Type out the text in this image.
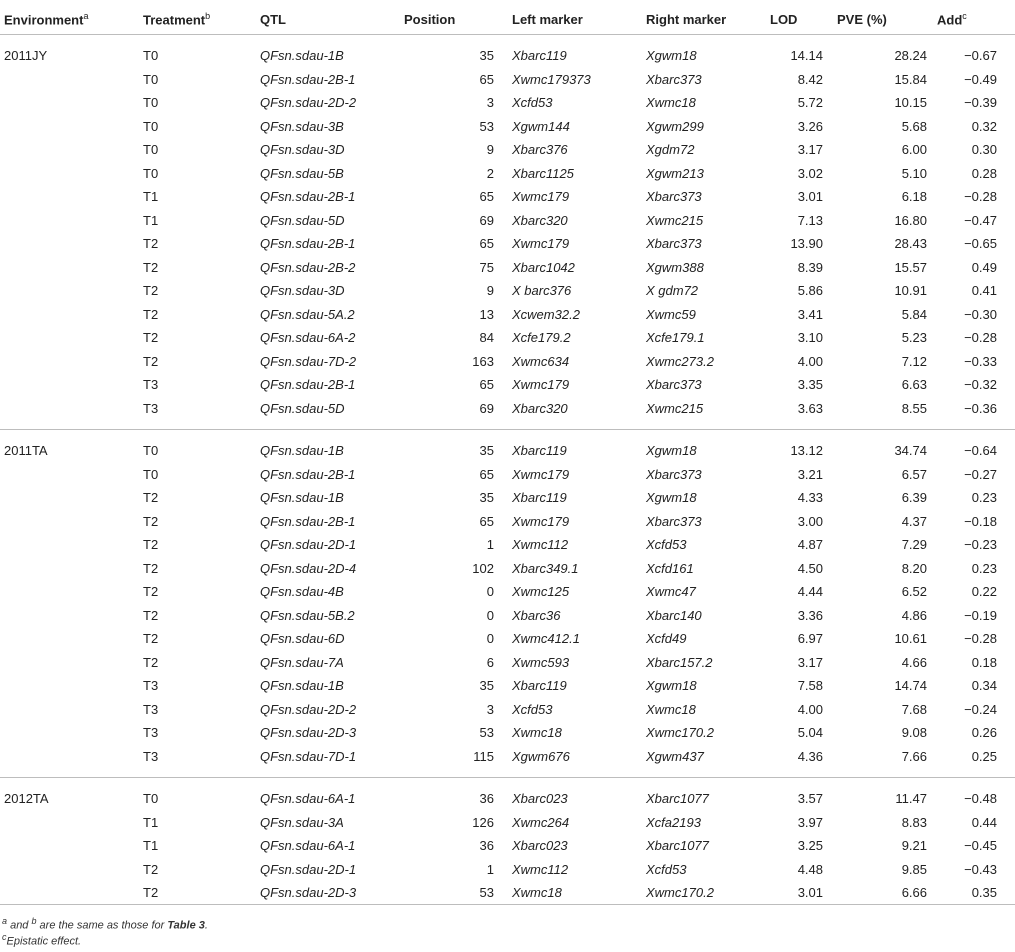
Environment$^a$	Treatment$^b$	QTL	Position	Left marker	Right marker	LOD	PVE (%)	Add$^c$

2011JY	T0	QFsn.sdau-1B	35	Xbarc119	Xgwm18	14.14	28.24	−0.67
	T0	QFsn.sdau-2B-1	65	Xwmc179373	Xbarc373	8.42	15.84	−0.49
	T0	QFsn.sdau-2D-2	3	Xcfd53	Xwmc18	5.72	10.15	−0.39
	T0	QFsn.sdau-3B	53	Xgwm144	Xgwm299	3.26	5.68	0.32
	T0	QFsn.sdau-3D	9	Xbarc376	Xgdm72	3.17	6.00	0.30
	T0	QFsn.sdau-5B	2	Xbarc1125	Xgwm213	3.02	5.10	0.28
	T1	QFsn.sdau-2B-1	65	Xwmc179	Xbarc373	3.01	6.18	−0.28
	T1	QFsn.sdau-5D	69	Xbarc320	Xwmc215	7.13	16.80	−0.47
	T2	QFsn.sdau-2B-1	65	Xwmc179	Xbarc373	13.90	28.43	−0.65
	T2	QFsn.sdau-2B-2	75	Xbarc1042	Xgwm388	8.39	15.57	0.49
	T2	QFsn.sdau-3D	9	X barc376	X gdm72	5.86	10.91	0.41
	T2	QFsn.sdau-5A.2	13	Xcwem32.2	Xwmc59	3.41	5.84	−0.30
	T2	QFsn.sdau-6A-2	84	Xcfe179.2	Xcfe179.1	3.10	5.23	−0.28
	T2	QFsn.sdau-7D-2	163	Xwmc634	Xwmc273.2	4.00	7.12	−0.33
	T3	QFsn.sdau-2B-1	65	Xwmc179	Xbarc373	3.35	6.63	−0.32
	T3	QFsn.sdau-5D	69	Xbarc320	Xwmc215	3.63	8.55	−0.36

2011TA	T0	QFsn.sdau-1B	35	Xbarc119	Xgwm18	13.12	34.74	−0.64
	T0	QFsn.sdau-2B-1	65	Xwmc179	Xbarc373	3.21	6.57	−0.27
	T2	QFsn.sdau-1B	35	Xbarc119	Xgwm18	4.33	6.39	0.23
	T2	QFsn.sdau-2B-1	65	Xwmc179	Xbarc373	3.00	4.37	−0.18
	T2	QFsn.sdau-2D-1	1	Xwmc112	Xcfd53	4.87	7.29	−0.23
	T2	QFsn.sdau-2D-4	102	Xbarc349.1	Xcfd161	4.50	8.20	0.23
	T2	QFsn.sdau-4B	0	Xwmc125	Xwmc47	4.44	6.52	0.22
	T2	QFsn.sdau-5B.2	0	Xbarc36	Xbarc140	3.36	4.86	−0.19
	T2	QFsn.sdau-6D	0	Xwmc412.1	Xcfd49	6.97	10.61	−0.28
	T2	QFsn.sdau-7A	6	Xwmc593	Xbarc157.2	3.17	4.66	0.18
	T3	QFsn.sdau-1B	35	Xbarc119	Xgwm18	7.58	14.74	0.34
	T3	QFsn.sdau-2D-2	3	Xcfd53	Xwmc18	4.00	7.68	−0.24
	T3	QFsn.sdau-2D-3	53	Xwmc18	Xwmc170.2	5.04	9.08	0.26
	T3	QFsn.sdau-7D-1	115	Xgwm676	Xgwm437	4.36	7.66	0.25

2012TA	T0	QFsn.sdau-6A-1	36	Xbarc023	Xbarc1077	3.57	11.47	−0.48
	T1	QFsn.sdau-3A	126	Xwmc264	Xcfa2193	3.97	8.83	0.44
	T1	QFsn.sdau-6A-1	36	Xbarc023	Xbarc1077	3.25	9.21	−0.45
	T2	QFsn.sdau-2D-1	1	Xwmc112	Xcfd53	4.48	9.85	−0.43
	T2	QFsn.sdau-2D-3	53	Xwmc18	Xwmc170.2	3.01	6.66	0.35
$^a$ and $^b$ are the same as those for Table 3.
$^c$Epistatic effect.
